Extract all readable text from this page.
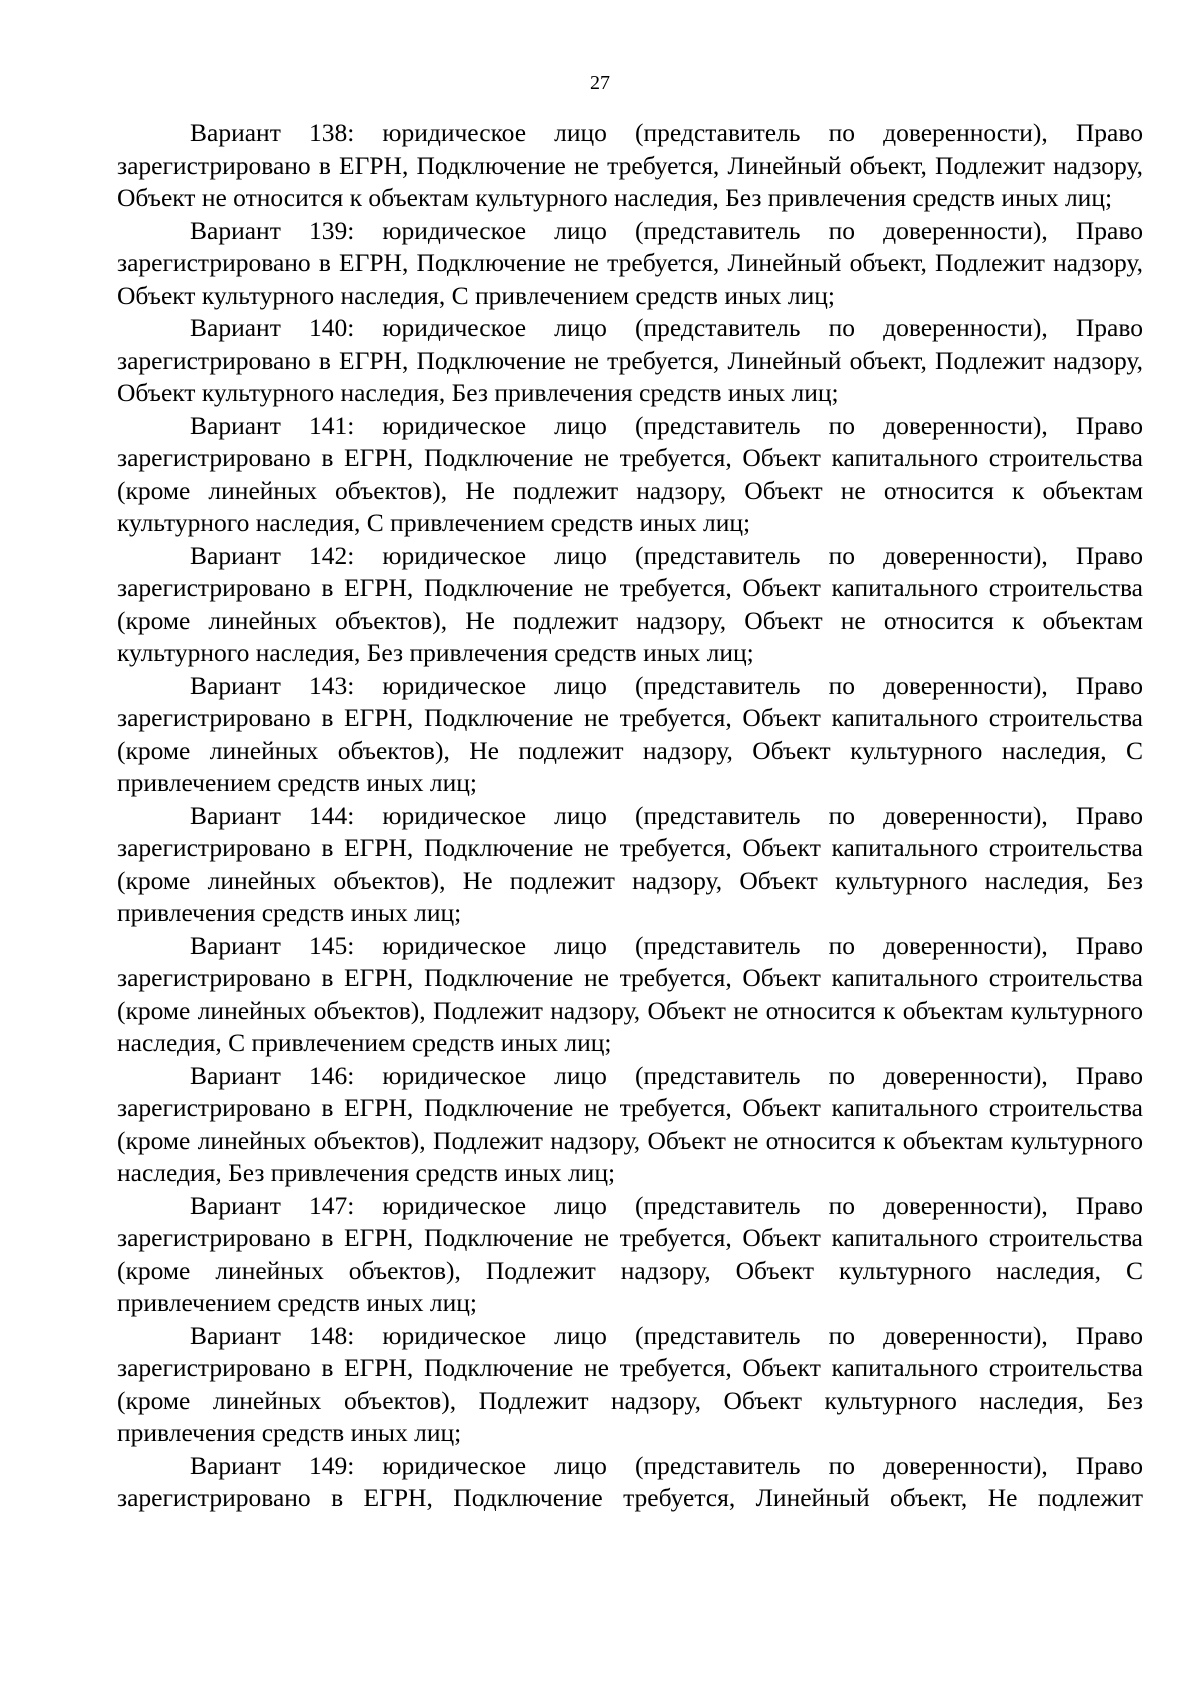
27

Вариант 138: юридическое лицо (представитель по доверенности), Право зарегистрировано в ЕГРН, Подключение не требуется, Линейный объект, Подлежит надзору, Объект не относится к объектам культурного наследия, Без привлечения средств иных лиц;

Вариант 139: юридическое лицо (представитель по доверенности), Право зарегистрировано в ЕГРН, Подключение не требуется, Линейный объект, Подлежит надзору, Объект культурного наследия, С привлечением средств иных лиц;

Вариант 140: юридическое лицо (представитель по доверенности), Право зарегистрировано в ЕГРН, Подключение не требуется, Линейный объект, Подлежит надзору, Объект культурного наследия, Без привлечения средств иных лиц;

Вариант 141: юридическое лицо (представитель по доверенности), Право зарегистрировано в ЕГРН, Подключение не требуется, Объект капитального строительства (кроме линейных объектов), Не подлежит надзору, Объект не относится к объектам культурного наследия, С привлечением средств иных лиц;

Вариант 142: юридическое лицо (представитель по доверенности), Право зарегистрировано в ЕГРН, Подключение не требуется, Объект капитального строительства (кроме линейных объектов), Не подлежит надзору, Объект не относится к объектам культурного наследия, Без привлечения средств иных лиц;

Вариант 143: юридическое лицо (представитель по доверенности), Право зарегистрировано в ЕГРН, Подключение не требуется, Объект капитального строительства (кроме линейных объектов), Не подлежит надзору, Объект культурного наследия, С привлечением средств иных лиц;

Вариант 144: юридическое лицо (представитель по доверенности), Право зарегистрировано в ЕГРН, Подключение не требуется, Объект капитального строительства (кроме линейных объектов), Не подлежит надзору, Объект культурного наследия, Без привлечения средств иных лиц;

Вариант 145: юридическое лицо (представитель по доверенности), Право зарегистрировано в ЕГРН, Подключение не требуется, Объект капитального строительства (кроме линейных объектов), Подлежит надзору, Объект не относится к объектам культурного наследия, С привлечением средств иных лиц;

Вариант 146: юридическое лицо (представитель по доверенности), Право зарегистрировано в ЕГРН, Подключение не требуется, Объект капитального строительства (кроме линейных объектов), Подлежит надзору, Объект не относится к объектам культурного наследия, Без привлечения средств иных лиц;

Вариант 147: юридическое лицо (представитель по доверенности), Право зарегистрировано в ЕГРН, Подключение не требуется, Объект капитального строительства (кроме линейных объектов), Подлежит надзору, Объект культурного наследия, С привлечением средств иных лиц;

Вариант 148: юридическое лицо (представитель по доверенности), Право зарегистрировано в ЕГРН, Подключение не требуется, Объект капитального строительства (кроме линейных объектов), Подлежит надзору, Объект культурного наследия, Без привлечения средств иных лиц;

Вариант 149: юридическое лицо (представитель по доверенности), Право зарегистрировано в ЕГРН, Подключение требуется, Линейный объект, Не подлежит
